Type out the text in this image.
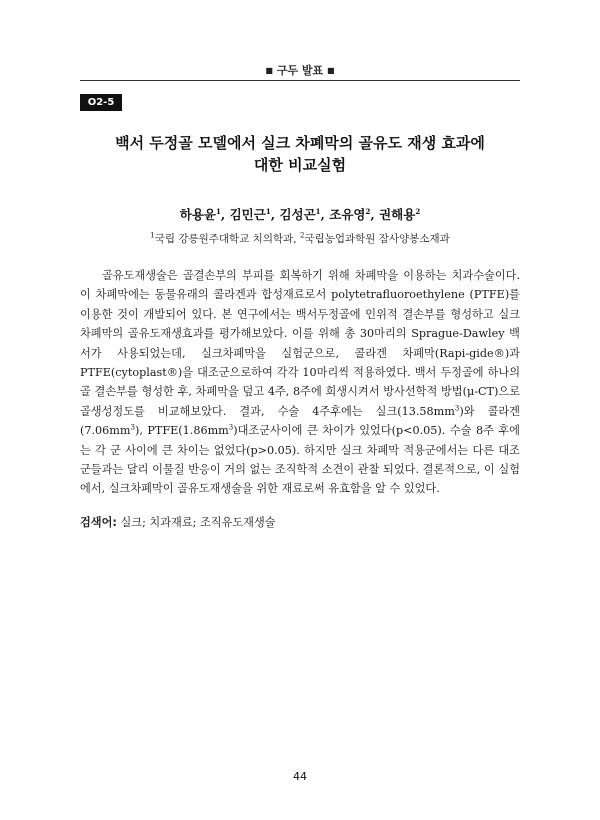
■ 구두 발표 ■
O2-5
백서 두정골 모델에서 실크 차폐막의 골유도 재생 효과에
대한 비교실험
하용윤$^1$, 김민근$^1$, 김성곤$^1$, 조유영$^2$, 권해용$^2$
$^1$국립 강릉원주대학교 치의학과, $^2$국립농업과학원 잠사양봉소재과
골유도재생술은 골결손부의 부피를 회복하기 위해 차폐막을 이용하는 치과수술이다. 이 차폐막에는 동물유래의 콜라겐과 합성재료로서 polytetrafluoroethylene (PTFE)를 이용한 것이 개발되어 있다. 본 연구에서는 백서두정골에 인위적 결손부를 형성하고 실크 차폐막의 골유도재생효과를 평가해보았다. 이를 위해 총 30마리의 Sprague-Dawley 백서가 사용되었는데, 실크차폐막을 실험군으로, 콜라겐 차폐막(Rapi-gide®)과 PTFE(cytoplast®)을 대조군으로하여 각각 10마리씩 적용하였다. 백서 두정골에 하나의 골 결손부를 형성한 후, 차폐막을 덮고 4주, 8주에 희생시켜서 방사선학적 방법(μ-CT)으로 골생성정도를 비교해보았다. 결과, 수술 4주후에는 실크$(13.58mm^3)$와 콜라겐$(7.06mm^3)$, $PTFE(1.86mm^3)$대조군사이에 큰 차이가 있었다(p<0.05). 수술 8주 후에는 각 군 사이에 큰 차이는 없었다(p>0.05). 하지만 실크 차폐막 적용군에서는 다른 대조군들과는 달리 이물질 반응이 거의 없는 조직학적 소견이 관찰 되었다. 결론적으로, 이 실험에서, 실크차폐막이 골유도재생술을 위한 재료로써 유효함을 알 수 있었다.
검색어: 실크; 치과재료; 조직유도재생술
44
